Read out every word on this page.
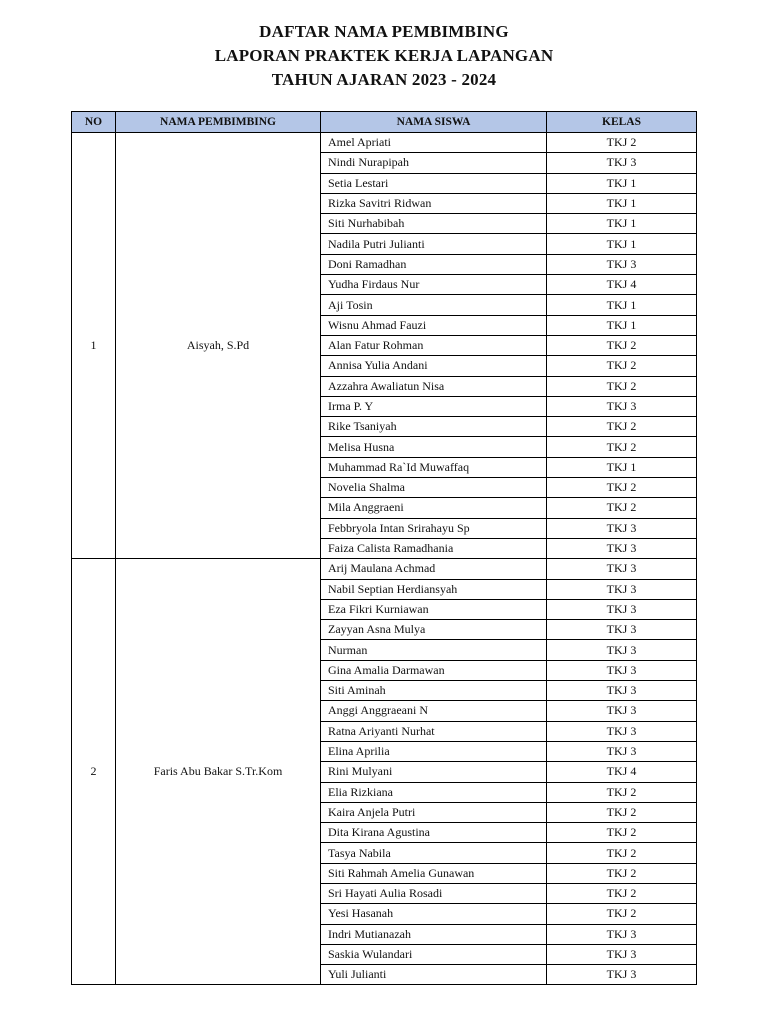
DAFTAR NAMA PEMBIMBING
LAPORAN PRAKTEK KERJA LAPANGAN
TAHUN AJARAN 2023 - 2024
NO	NAMA PEMBIMBING	NAMA SISWA	KELAS
1	Aisyah, S.Pd	Amel Apriati	TKJ 2
		Nindi Nurapipah	TKJ 3
		Setia Lestari	TKJ 1
		Rizka Savitri Ridwan	TKJ 1
		Siti Nurhabibah	TKJ 1
		Nadila Putri Julianti	TKJ 1
		Doni Ramadhan	TKJ 3
		Yudha Firdaus Nur	TKJ 4
		Aji Tosin	TKJ 1
		Wisnu Ahmad Fauzi	TKJ 1
		Alan Fatur Rohman	TKJ 2
		Annisa Yulia Andani	TKJ 2
		Azzahra Awaliatun Nisa	TKJ 2
		Irma P. Y	TKJ 3
		Rike Tsaniyah	TKJ 2
		Melisa Husna	TKJ 2
		Muhammad Ra`Id Muwaffaq	TKJ 1
		Novelia Shalma	TKJ 2
		Mila Anggraeni	TKJ 2
		Febbryola Intan Srirahayu Sp	TKJ 3
		Faiza Calista Ramadhania	TKJ 3
2	Faris Abu Bakar S.Tr.Kom	Arij Maulana Achmad	TKJ 3
		Nabil Septian Herdiansyah	TKJ 3
		Eza Fikri Kurniawan	TKJ 3
		Zayyan Asna Mulya	TKJ 3
		Nurman	TKJ 3
		Gina Amalia Darmawan	TKJ 3
		Siti Aminah	TKJ 3
		Anggi Anggraeani N	TKJ 3
		Ratna Ariyanti Nurhat	TKJ 3
		Elina Aprilia	TKJ 3
		Rini Mulyani	TKJ 4
		Elia Rizkiana	TKJ 2
		Kaira Anjela Putri	TKJ 2
		Dita Kirana Agustina	TKJ 2
		Tasya Nabila	TKJ 2
		Siti Rahmah Amelia Gunawan	TKJ 2
		Sri Hayati Aulia Rosadi	TKJ 2
		Yesi Hasanah	TKJ 2
		Indri Mutianazah	TKJ 3
		Saskia Wulandari	TKJ 3
		Yuli Julianti	TKJ 3
